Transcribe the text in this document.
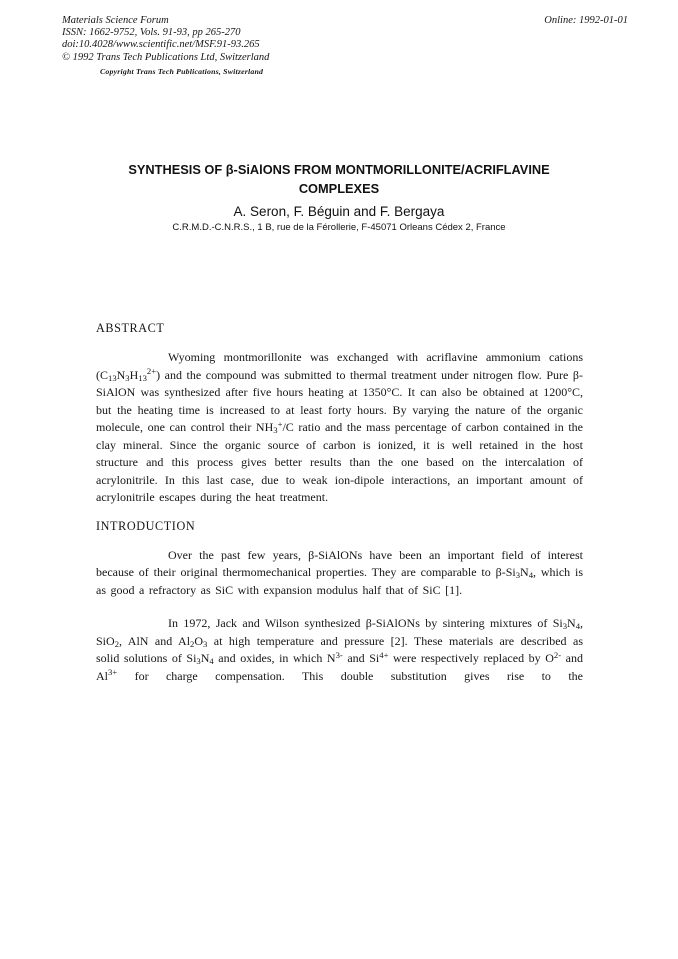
Materials Science Forum
ISSN: 1662-9752, Vols. 91-93, pp 265-270
doi:10.4028/www.scientific.net/MSF.91-93.265
© 1992 Trans Tech Publications Ltd, Switzerland
Copyright Trans Tech Publications, Switzerland
Online: 1992-01-01
SYNTHESIS OF β-SiAlONS FROM MONTMORILLONITE/ACRIFLAVINE
COMPLEXES
A. Seron, F. Béguin and F. Bergaya
C.R.M.D.-C.N.R.S., 1 B, rue de la Férollerie, F-45071 Orleans Cédex 2, France
ABSTRACT

Wyoming montmorillonite was exchanged with acriflavine ammonium cations $(C_{13}N_3H_{13}^{2+})$ and the compound was submitted to thermal treatment under nitrogen flow. Pure β-SiAlON was synthesized after five hours heating at 1350°C. It can also be obtained at 1200°C, but the heating time is increased to at least forty hours. By varying the nature of the organic molecule, one can control their $NH_3^+/C$ ratio and the mass percentage of carbon contained in the clay mineral. Since the organic source of carbon is ionized, it is well retained in the host structure and this process gives better results than the one based on the intercalation of acrylonitrile. In this last case, due to weak ion-dipole interactions, an important amount of acrylonitrile escapes during the heat treatment.

INTRODUCTION

Over the past few years, β-SiAlONs have been an important field of interest because of their original thermomechanical properties. They are comparable to $\beta-Si_3N_4$, which is as good a refractory as SiC with expansion modulus half that of SiC [1].

In 1972, Jack and Wilson synthesized β-SiAlONs by sintering mixtures of $Si_3N_4$, SiO$_2$, AlN and $Al_2O_3$ at high temperature and pressure [2]. These materials are described as solid solutions of $Si_3N_4$ and oxides, in which $N^{3-}$ and $Si^{4+}$ were respectively replaced by $O^{2-}$ and $Al^{3+}$ for charge compensation. This double substitution gives rise to the
